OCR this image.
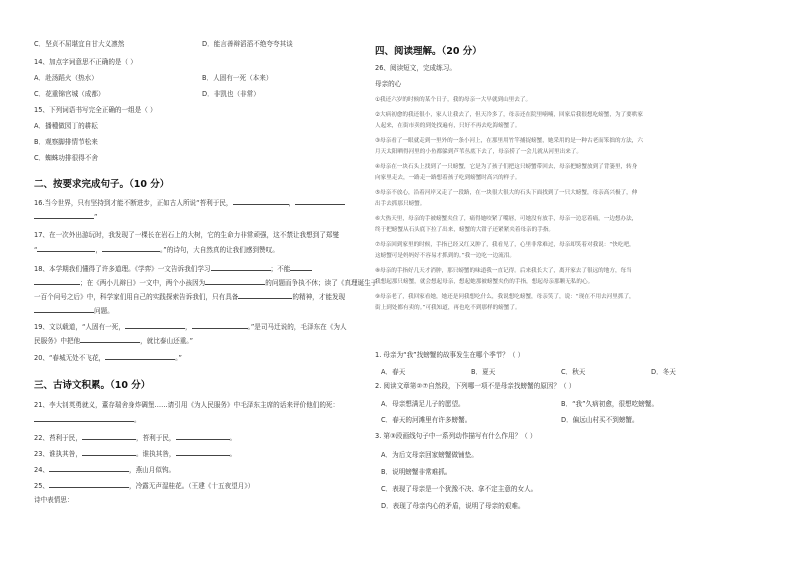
C．坚贞不屈堪宜自甘大义凛然	D．能言善辩滔滔不绝夸夸其谈
14、加点字词意思不正确的是（ ）
A．赴汤蹈火（热水）	B．人固有一死（本来）
C．花重锦官城（成都）	D．非凯也（非常）
15、下列词语书写完全正确的一组是（ ）
A．播種做园丁的耕耘
B．观察脚排情节松来
C．蜘蛛功排很得不舍
二、按要求完成句子。（10 分）
16.当今世界，只有坚持到才能不断进步，正如古人所说“苔利于民，	，
”
17、在一次外出游玩时，我发现了一棵长在岩石上的大树，它的生命力非常顽强，这不禁让我想到了郑燮
“	，	。”的诗句，大自然真的让我们感到赞叹。
18、本学期我们懂得了许多道理。《学弈》一文告诉我们学习	；不能
；在《两小儿辩日》一文中，两个小孩因为	的问题而争执不休；读了《真理诞生于
一百个问号之后》中，科学家们用自己的实践探索告诉我们，只有具备	的精神，才能发现
问题。
19、文以载道，“人固有一死，	，	。”是司马迁说的，毛泽东在《为人
民服务》中把他	，就比泰山还重。”
20、“春城无处不飞花，	。”
三、古诗文积累。（10 分）
21、李大钊英勇就义，董存瑞舍身炸碉堡……请引用《为人民服务》中毛泽东主席的话来评价他们的死：
。
22、苔利于民，	，苔利于民，	。
23、谁执其咎，	。谁执其咎，	。
24、	，燕山月似钩。
25、	，冷露无声湿桂花。（王建《十五夜望月》）
诗中表情思：
四、阅读理解。（20 分）
26、阅读短文，完成练习。
母亲的心
①我还六岁的时候的某个日子，我的母亲一大早就到山里去了。
②大病初愈的我还很小，家人让我去了，但天冷多了，母亲还在院里喃喃，回家后我很想吃螃蟹，为了要哄家
人起来，在街市卖的到处找遍有，只好不再去吃海螃蟹了。
③母亲看了一眼就走到一里外的一条小河上，在那里用竹竿捕捉螃蟹，她采用的是一种古老而笨拙的方法，六
月天太阳晒得河里的小鱼都躲到芦苇丛底下去了，母亲捞了一会儿就从河里出来了。
④母亲在一块石头上找到了一只螃蟹，它是为了孩子们把这只螃蟹带回去，母亲把螃蟹放到了背篓里，转身
向家里走去，一路走一路想着孩子吃到螃蟹时高兴的样子。
⑤母亲不放心，沿着河岸又走了一段路，在一块很大很大的石头下面找到了一只大螃蟹，母亲高兴极了，伸
出手去抓那只螃蟹。
⑥大热天里，母亲的手被螃蟹夹住了，痛得她咬紧了嘴唇，可她没有放手，母亲一边忍着痛，一边想办法，
终于把螃蟹从石头底下拉了出来，螃蟹的大钳子还紧紧夹着母亲的手指。
⑦母亲回到家里的时候，手指已经又红又肿了，我看见了，心里非常难过，母亲却笑着对我说：“快吃吧，
这螃蟹可是妈妈好不容易才抓到的。”我一边吃一边流泪。
⑧母亲的手指好几天才消肿，那只螃蟹的味道我一直记得。后来我长大了，离开家去了很远的地方，每当
我想起那只螃蟹，就会想起母亲，想起她那被螃蟹夹伤的手指，想起母亲那颗无私的心。
⑨母亲老了，我回家看她，她还是问我想吃什么，我说想吃螃蟹，母亲笑了，说：“现在不用去河里抓了，
街上到处都有卖的。”可我知道，再也吃不到那样的螃蟹了。
1. 母亲为“我”找螃蟹的故事发生在哪个季节？（ ）
A．春天	B．夏天	C．秋天	D．冬天
2. 阅读文章第②⑦自然段，下列哪一项不是母亲找螃蟹的原因？（ ）
A．母亲想满足儿子的愿望。	B．“我”久病初愈，很想吃螃蟹。
C．春天的河滩里有许多螃蟹。	D．偏远山村买不到螃蟹。
3. 第③段画线句子中一系列动作描写有什么作用？（ ）
A．为后文母亲回家螃蟹做铺垫。
B．说明螃蟹非常难抓。
C．表现了母亲是一个犹豫不决、拿不定主意的女人。
D．表现了母亲内心的矛盾，说明了母亲的艰难。
